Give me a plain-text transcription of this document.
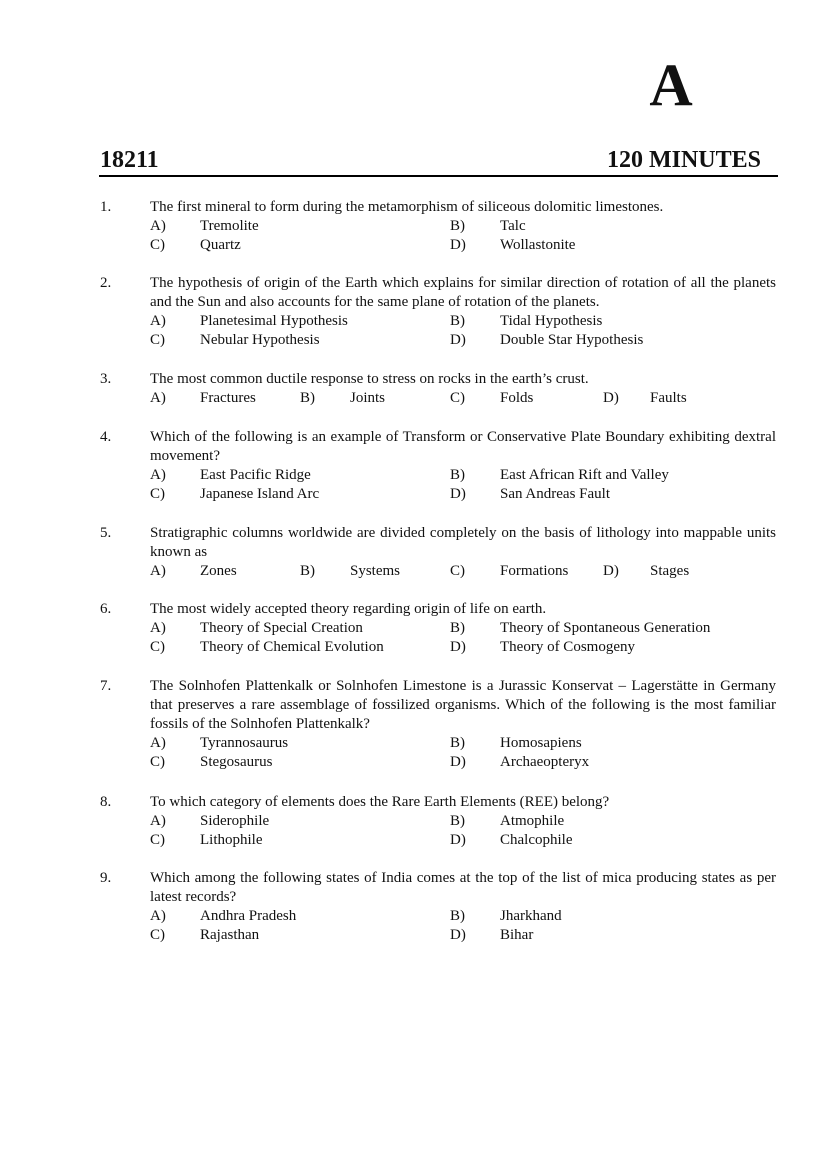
A
18211	120 MINUTES
1.	The first mineral to form during the metamorphism of siliceous dolomitic limestones.
A) Tremolite	B) Talc
C) Quartz	D) Wollastonite
2.	The hypothesis of origin of the Earth which explains for similar direction of rotation of all the planets and the Sun and also accounts for the same plane of rotation of the planets.
A) Planetesimal Hypothesis	B) Tidal Hypothesis
C) Nebular Hypothesis	D) Double Star Hypothesis
3.	The most common ductile response to stress on rocks in the earth’s crust.
A) Fractures	B) Joints	C) Folds	D) Faults
4.	Which of the following is an example of Transform or Conservative Plate Boundary exhibiting dextral movement?
A) East Pacific Ridge	B) East African Rift and Valley
C) Japanese Island Arc	D) San Andreas Fault
5.	Stratigraphic columns worldwide are divided completely on the basis of lithology into mappable units known as
A) Zones	B) Systems	C) Formations D) Stages
6.	The most widely accepted theory regarding origin of life on earth.
A) Theory of Special Creation	B) Theory of Spontaneous Generation
C) Theory of Chemical Evolution	D) Theory of Cosmogeny
7.	The Solnhofen Plattenkalk or Solnhofen Limestone is a Jurassic Konservat – Lagerstätte in Germany that preserves a rare assemblage of fossilized organisms. Which of the following is the most familiar fossils of the Solnhofen Plattenkalk?
A) Tyrannosaurus	B) Homosapiens
C) Stegosaurus	D) Archaeopteryx
8.	To which category of elements does the Rare Earth Elements (REE) belong?
A) Siderophile	B) Atmophile
C) Lithophile	D) Chalcophile
9.	Which among the following states of India comes at the top of the list of mica producing states as per latest records?
A) Andhra Pradesh	B) Jharkhand
C) Rajasthan	D) Bihar
